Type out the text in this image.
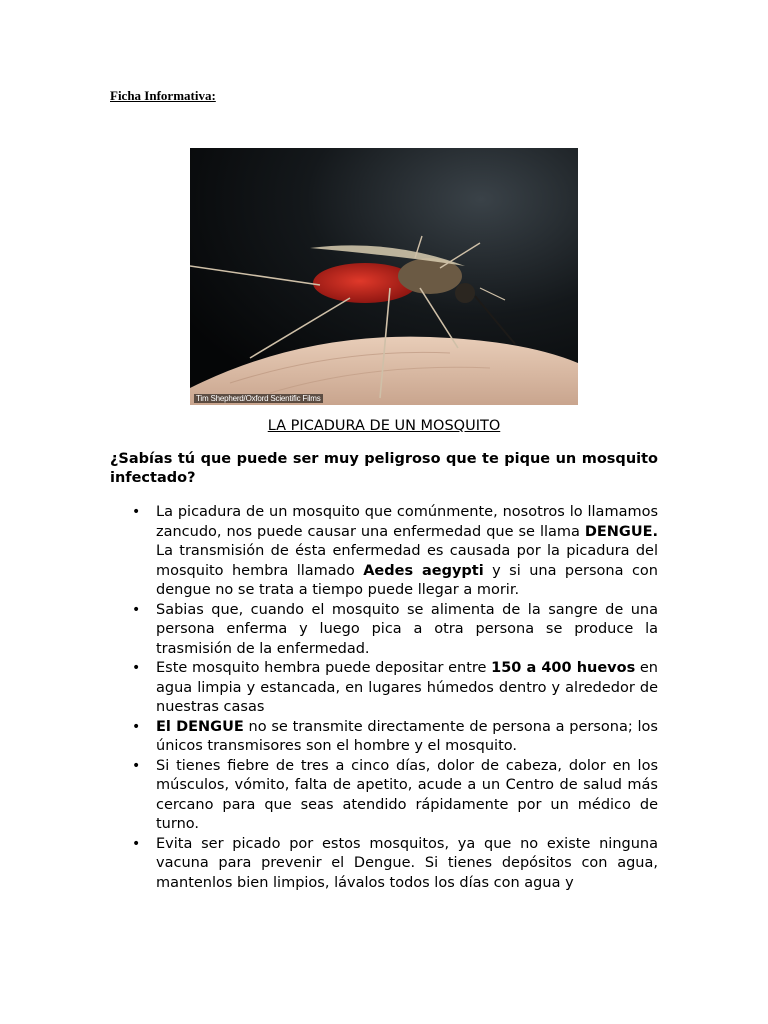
Ficha Informativa:
Tim Shepherd/Oxford Scientific Films
LA PICADURA DE UN MOSQUITO
¿Sabías tú que puede ser muy peligroso que te pique un mosquito infectado?
• La picadura de un mosquito que comúnmente, nosotros lo llamamos zancudo, nos puede causar una enfermedad que se llama DENGUE. La transmisión de ésta enfermedad es causada por la picadura del mosquito hembra llamado Aedes aegypti y si una persona con dengue no se trata a tiempo puede llegar a morir.
• Sabias que, cuando el mosquito se alimenta de la sangre de una persona enferma y luego pica a otra persona se produce la trasmisión de la enfermedad.
• Este mosquito hembra puede depositar entre 150 a 400 huevos en agua limpia y estancada, en lugares húmedos dentro y alrededor de nuestras casas
• El DENGUE no se transmite directamente de persona a persona; los únicos transmisores son el hombre y el mosquito.
• Si tienes fiebre de tres a cinco días, dolor de cabeza, dolor en los músculos, vómito, falta de apetito, acude a un Centro de salud más cercano para que seas atendido rápidamente por un médico de turno.
• Evita ser picado por estos mosquitos, ya que no existe ninguna vacuna para prevenir el Dengue. Si tienes depósitos con agua, mantenlos bien limpios, lávalos todos los días con agua y
